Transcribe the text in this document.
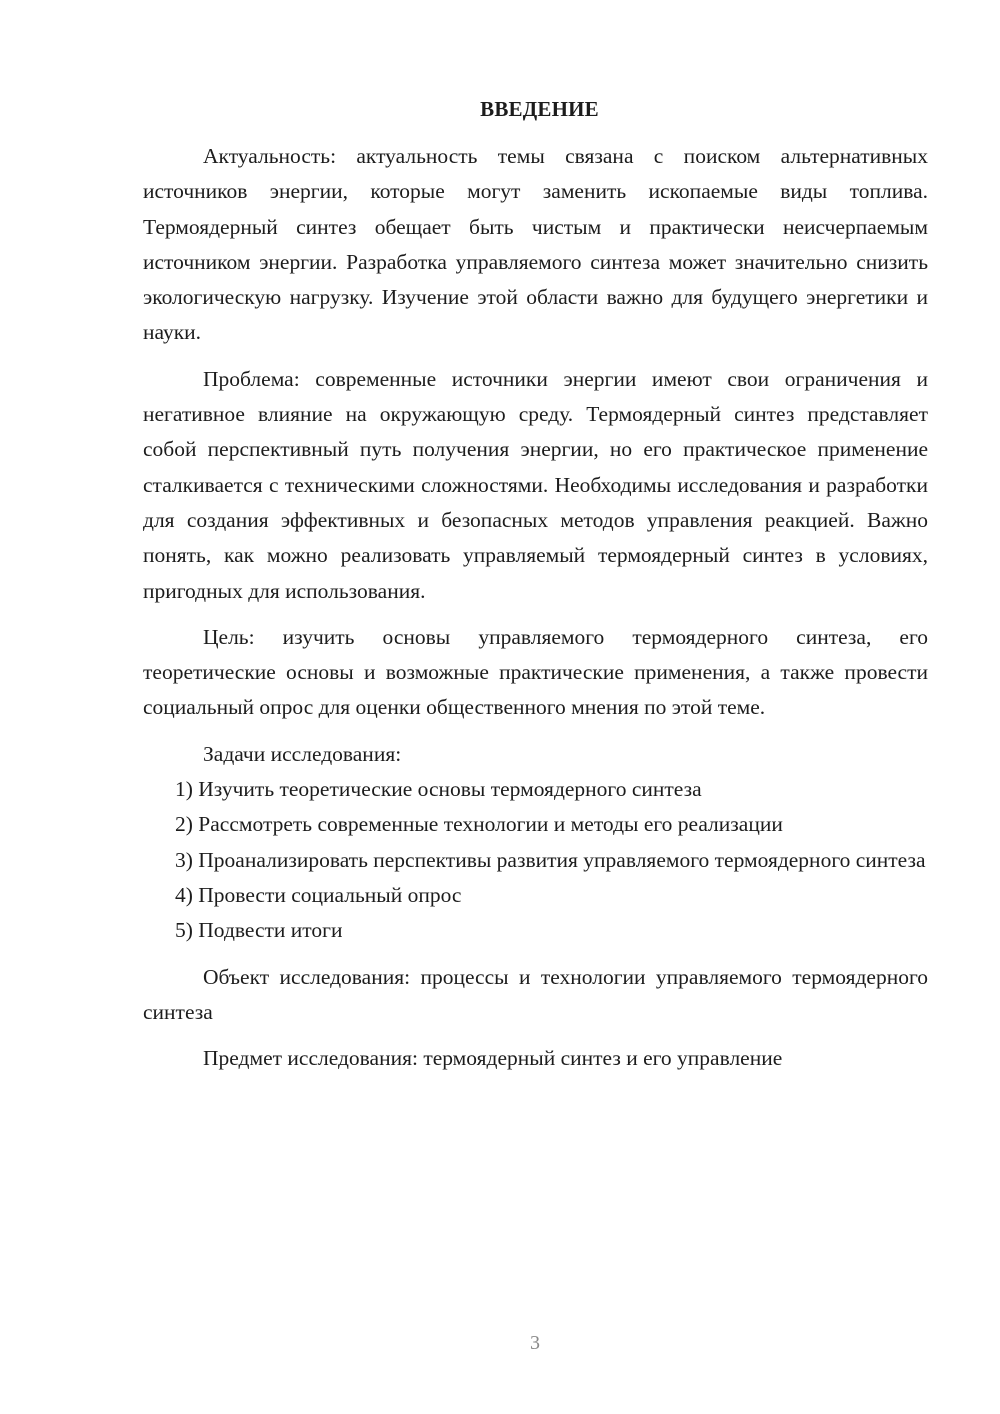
ВВЕДЕНИЕ

Актуальность: актуальность темы связана с поиском альтернативных источников энергии, которые могут заменить ископаемые виды топлива. Термоядерный синтез обещает быть чистым и практически неисчерпаемым источником энергии. Разработка управляемого синтеза может значительно снизить экологическую нагрузку. Изучение этой области важно для будущего энергетики и науки.

Проблема: современные источники энергии имеют свои ограничения и негативное влияние на окружающую среду. Термоядерный синтез представляет собой перспективный путь получения энергии, но его практическое применение сталкивается с техническими сложностями. Необходимы исследования и разработки для создания эффективных и безопасных методов управления реакцией. Важно понять, как можно реализовать управляемый термоядерный синтез в условиях, пригодных для использования.

Цель: изучить основы управляемого термоядерного синтеза, его теоретические основы и возможные практические применения, а также провести социальный опрос для оценки общественного мнения по этой теме.

Задачи исследования:

1) Изучить теоретические основы термоядерного синтеза

2) Рассмотреть современные технологии и методы его реализации

3) Проанализировать перспективы развития управляемого термоядерного синтеза

4) Провести социальный опрос

5) Подвести итоги

Объект исследования: процессы и технологии управляемого термоядерного синтеза

Предмет исследования: термоядерный синтез и его управление

3
